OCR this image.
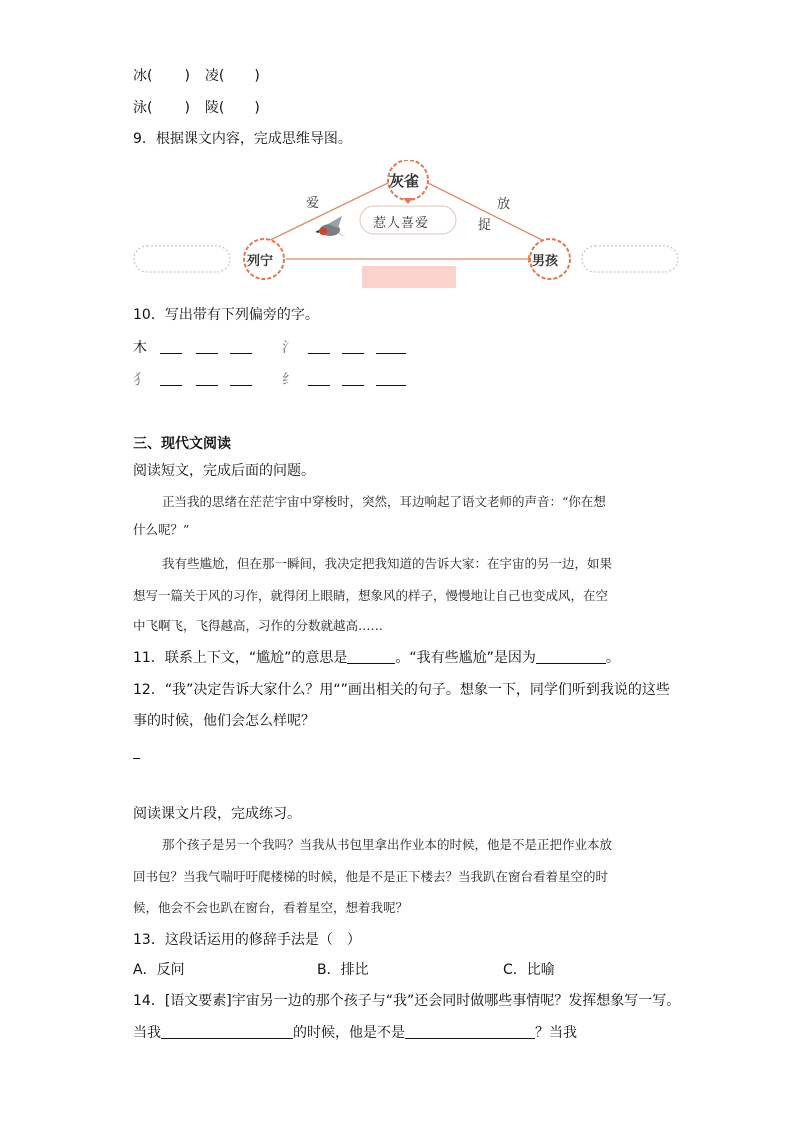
冰( ) 凌( )
泳( ) 陵( )
9．根据课文内容，完成思维导图。
灰雀
列宁	男孩
爱	放
捉
惹人喜爱
10．写出带有下列偏旁的字。
木	氵
犭	纟
三、现代文阅读
阅读短文，完成后面的问题。
正当我的思绪在茫茫宇宙中穿梭时，突然，耳边响起了语文老师的声音：“你在想
什么呢？”
我有些尴尬，但在那一瞬间，我决定把我知道的告诉大家：在宇宙的另一边，如果
想写一篇关于风的习作，就得闭上眼睛，想象风的样子，慢慢地让自己也变成风，在空
中飞啊飞，飞得越高，习作的分数就越高……
11．联系上下文，“尴尬”的意思是	。“我有些尴尬”是因为	。
12．“我”决定告诉大家什么？用“”画出相关的句子。想象一下，同学们听到我说的这些
事的时候，他们会怎么样呢？
阅读课文片段，完成练习。
那个孩子是另一个我吗？当我从书包里拿出作业本的时候，他是不是正把作业本放
回书包？当我气喘吁吁爬楼梯的时候，他是不是正下楼去？当我趴在窗台看着星空的时
候，他会不会也趴在窗台，看着星空，想着我呢？
13．这段话运用的修辞手法是（　）
A．反问	B．排比	C．比喻
14．[语文要素]宇宙另一边的那个孩子与“我”还会同时做哪些事情呢？发挥想象写一写。
当我	的时候，他是不是	？当我
